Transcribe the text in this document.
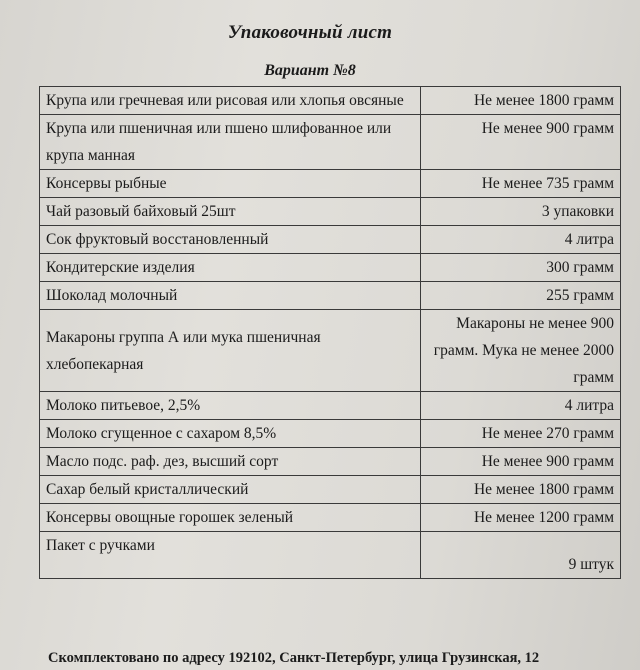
Упаковочный лист
Вариант №8
Крупа или гречневая или рисовая или хлопья овсяные	Не менее 1800 грамм
Крупа или пшеничная или пшено шлифованное или крупа манная	Не менее 900 грамм
Консервы рыбные	Не менее 735 грамм
Чай разовый байховый 25шт	3 упаковки
Сок фруктовый восстановленный	4 литра
Кондитерские изделия	300 грамм
Шоколад молочный	255 грамм
Макароны группа А или мука пшеничная хлебопекарная	Макароны не менее 900 грамм. Мука не менее 2000 грамм
Молоко питьевое, 2,5%	4 литра
Молоко сгущенное с сахаром 8,5%	Не менее 270 грамм
Масло подс. раф. дез, высший сорт	Не менее 900 грамм
Сахар белый кристаллический	Не менее 1800 грамм
Консервы овощные горошек зеленый	Не менее 1200 грамм
Пакет с ручками	9 штук
Скомплектовано по адресу 192102, Санкт-Петербург, улица Грузинская, 12
